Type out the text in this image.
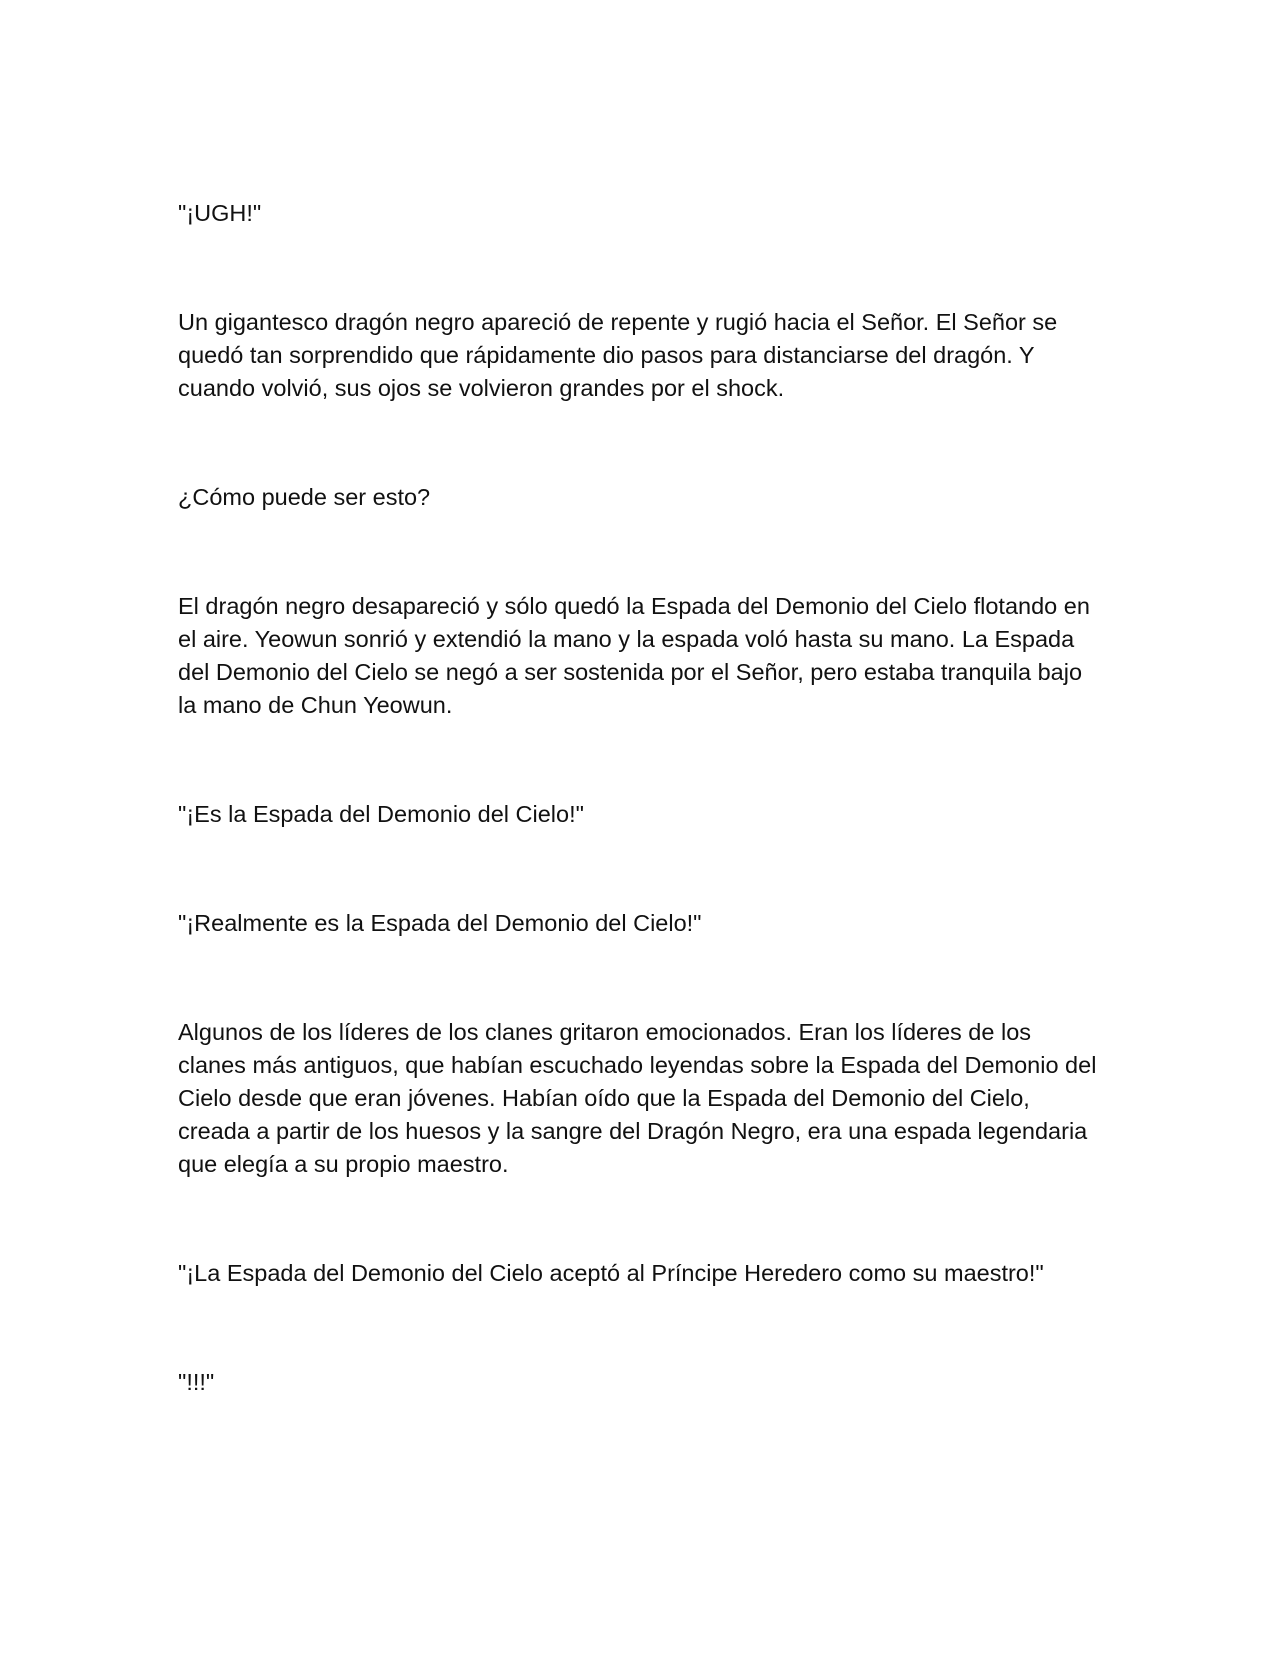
"¡UGH!"

Un gigantesco dragón negro apareció de repente y rugió hacia el Señor. El Señor se quedó tan sorprendido que rápidamente dio pasos para distanciarse del dragón. Y cuando volvió, sus ojos se volvieron grandes por el shock.

¿Cómo puede ser esto?

El dragón negro desapareció y sólo quedó la Espada del Demonio del Cielo flotando en el aire. Yeowun sonrió y extendió la mano y la espada voló hasta su mano. La Espada del Demonio del Cielo se negó a ser sostenida por el Señor, pero estaba tranquila bajo la mano de Chun Yeowun.

"¡Es la Espada del Demonio del Cielo!"

"¡Realmente es la Espada del Demonio del Cielo!"

Algunos de los líderes de los clanes gritaron emocionados. Eran los líderes de los clanes más antiguos, que habían escuchado leyendas sobre la Espada del Demonio del Cielo desde que eran jóvenes. Habían oído que la Espada del Demonio del Cielo, creada a partir de los huesos y la sangre del Dragón Negro, era una espada legendaria que elegía a su propio maestro.

"¡La Espada del Demonio del Cielo aceptó al Príncipe Heredero como su maestro!"

"!!!"
